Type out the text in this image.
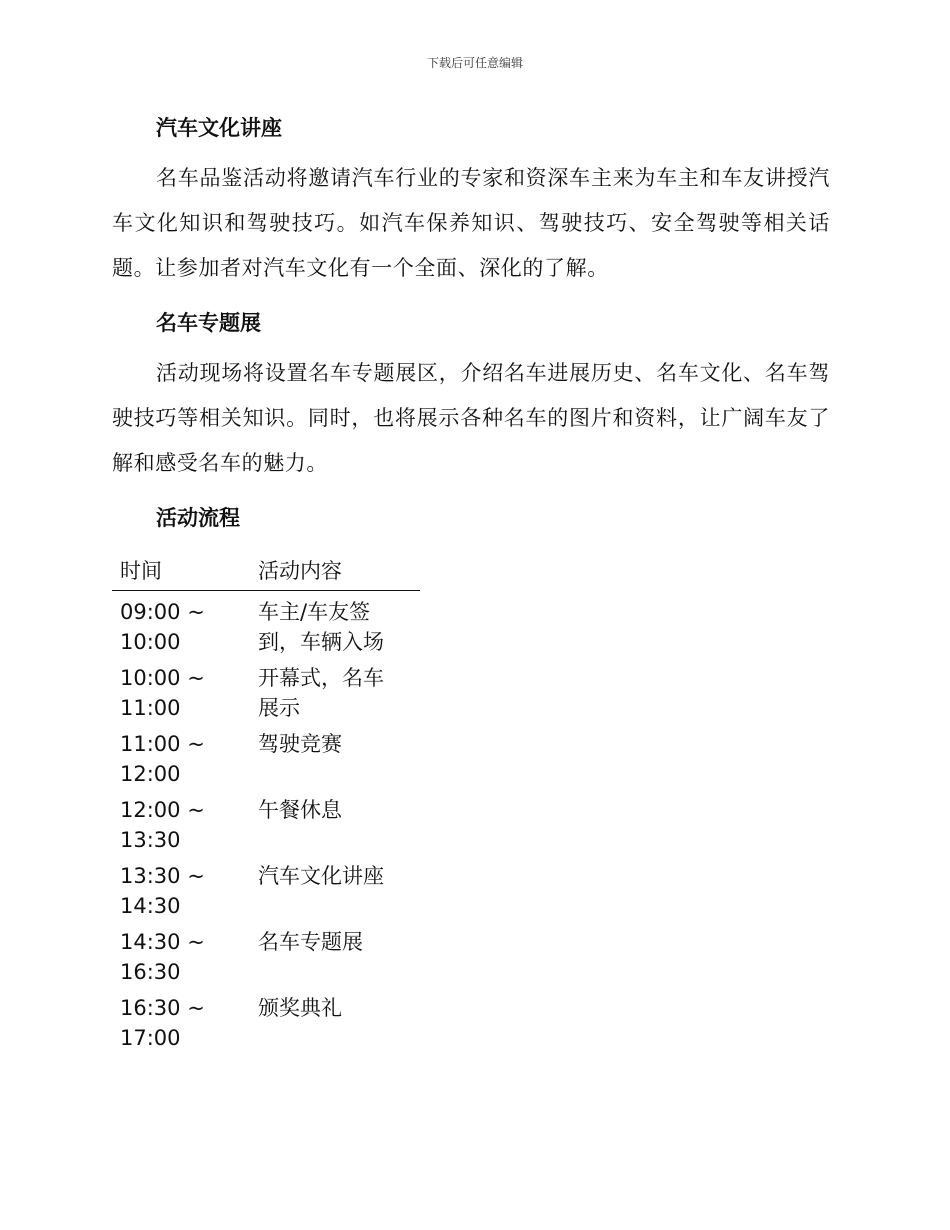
下载后可任意编辑
汽车文化讲座

名车品鉴活动将邀请汽车行业的专家和资深车主来为车主和车友讲授汽车文化知识和驾驶技巧。如汽车保养知识、驾驶技巧、安全驾驶等相关话题。让参加者对汽车文化有一个全面、深化的了解。

名车专题展

活动现场将设置名车专题展区，介绍名车进展历史、名车文化、名车驾驶技巧等相关知识。同时，也将展示各种名车的图片和资料，让广阔车友了解和感受名车的魅力。

活动流程
时间	活动内容

09:00 ~
10:00	车主/车友签
到，车辆入场

10:00 ~
11:00	开幕式，名车
展示

11:00 ~
12:00	驾驶竞赛

12:00 ~
13:30	午餐休息

13:30 ~
14:30	汽车文化讲座

14:30 ~
16:30	名车专题展

16:30 ~
17:00	颁奖典礼
